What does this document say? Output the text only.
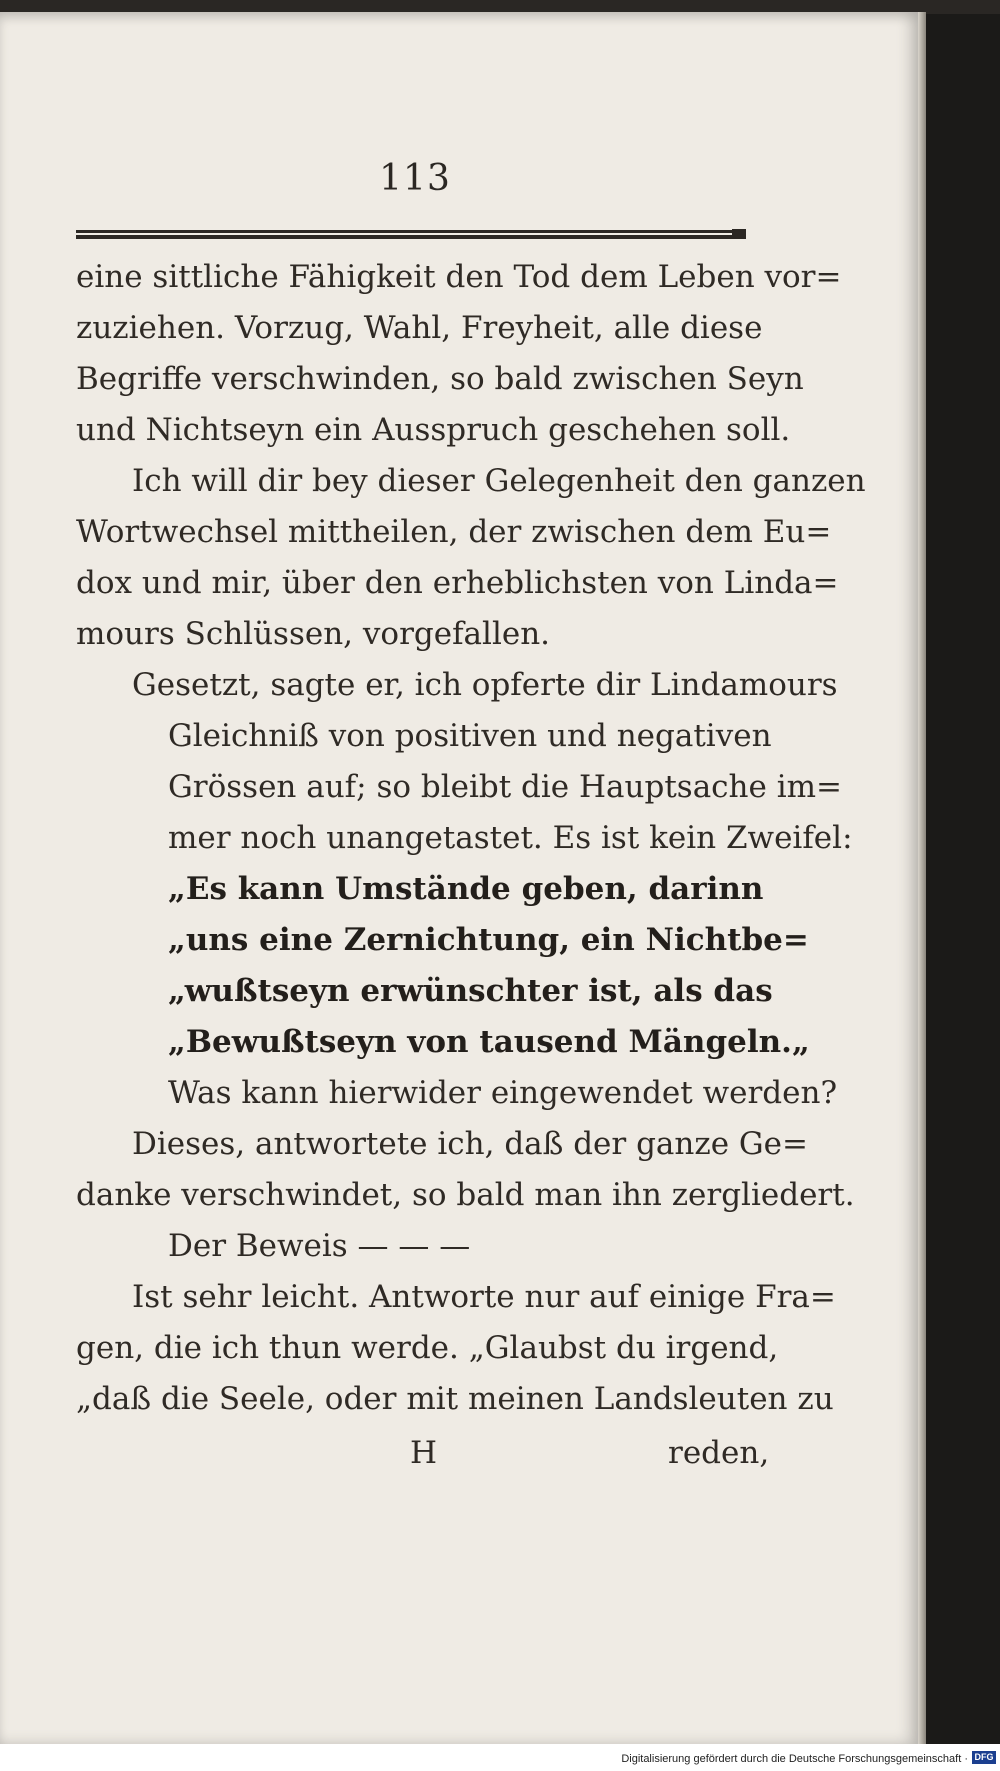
113
eine sittliche Fähigkeit den Tod dem Leben vor=
zuziehen. Vorzug, Wahl, Freyheit, alle diese
Begriffe verschwinden, so bald zwischen Seyn
und Nichtseyn ein Ausspruch geschehen soll.
Ich will dir bey dieser Gelegenheit den ganzen
Wortwechsel mittheilen, der zwischen dem Eu=
dox und mir, über den erheblichsten von Linda=
mours Schlüssen, vorgefallen.
Gesetzt, sagte er, ich opferte dir Lindamours
Gleichniß von positiven und negativen
Grössen auf; so bleibt die Hauptsache im=
mer noch unangetastet. Es ist kein Zweifel:
„Es kann Umstände geben, darinn
„uns eine Zernichtung, ein Nichtbe=
„wußtseyn erwünschter ist, als das
„Bewußtseyn von tausend Mängeln.„
Was kann hierwider eingewendet werden?
Dieses, antwortete ich, daß der ganze Ge=
danke verschwindet, so bald man ihn zergliedert.
Der Beweis — — —
Ist sehr leicht. Antworte nur auf einige Fra=
gen, die ich thun werde. „Glaubst du irgend,
„daß die Seele, oder mit meinen Landsleuten zu
H	reden,
Digitalisierung gefördert durch die Deutsche Forschungsgemeinschaft · DFG
